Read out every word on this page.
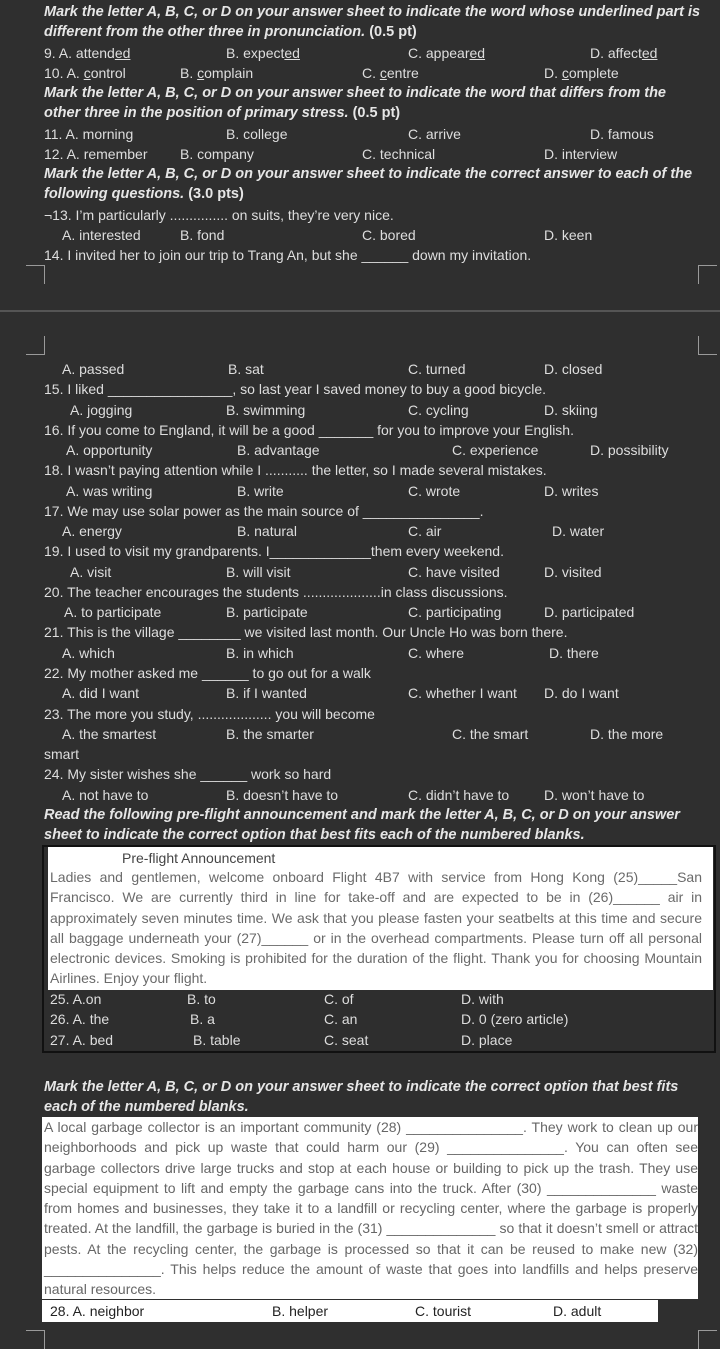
Mark the letter A, B, C, or D on your answer sheet to indicate the word whose underlined part is
different from the other three in pronunciation. (0.5 pt)
9. A. attended	B. expected	C. appeared	D. affected
10. A. control	B. complain	C. centre	D. complete
Mark the letter A, B, C, or D on your answer sheet to indicate the word that differs from the
other three in the position of primary stress. (0.5 pt)
11. A. morning	B. college	C. arrive	D. famous
12. A. remember B. company	C. technical	D. interview
Mark the letter A, B, C, or D on your answer sheet to indicate the correct answer to each of the
following questions. (3.0 pts)
¬13. I’m particularly ............... on suits, they’re very nice.
A. interested	B. fond	C. bored	D. keen
14. I invited her to join our trip to Trang An, but she ______ down my invitation.
A. passed	B. sat	C. turned	D. closed
15. I liked ________________, so last year I saved money to buy a good bicycle.
A. jogging	B. swimming	C. cycling	D. skiing
16. If you come to England, it will be a good _______ for you to improve your English.
A. opportunity	B. advantage	C. experience	D. possibility
18. I wasn’t paying attention while I ........... the letter, so I made several mistakes.
A. was writing	B. write	C. wrote	D. writes
17. We may use solar power as the main source of _______________.
A. energy	B. natural	C. air	D. water
19. I used to visit my grandparents. I_____________them every weekend.
A. visit	B. will visit	C. have visited	D. visited
20. The teacher encourages the students ....................in class discussions.
A. to participate	B. participate	C. participating	D. participated
21. This is the village ________ we visited last month. Our Uncle Ho was born there.
A. which	B. in which	C. where	D. there
22. My mother asked me ______ to go out for a walk
A. did I want	B. if I wanted	C. whether I want D. do I want
23. The more you study, ................... you will become
A. the smartest	B. the smarter	C. the smart	D. the more
smart
24. My sister wishes she ______ work so hard
A. not have to	B. doesn’t have to	C. didn’t have to D. won’t have to
Read the following pre-flight announcement and mark the letter A, B, C, or D on your answer
sheet to indicate the correct option that best fits each of the numbered blanks.
Pre-flight Announcement
Ladies and gentlemen, welcome onboard Flight 4B7 with service from Hong Kong (25)_____San Francisco. We are currently third in line for take-off and are expected to be in (26)______ air in approximately seven minutes time. We ask that you please fasten your seatbelts at this time and secure all baggage underneath your (27)______ or in the overhead compartments. Please turn off all personal electronic devices. Smoking is prohibited for the duration of the flight. Thank you for choosing Mountain Airlines. Enjoy your flight.
25. A.on	B. to	C. of	D. with
26. A. the	B. a	C. an	D. 0 (zero article)
27. A. bed	B. table	C. seat	D. place
Mark the letter A, B, C, or D on your answer sheet to indicate the correct option that best fits
each of the numbered blanks.
A local garbage collector is an important community (28) _______________. They work to clean up our neighborhoods and pick up waste that could harm our (29) _______________. You can often see garbage collectors drive large trucks and stop at each house or building to pick up the trash. They use special equipment to lift and empty the garbage cans into the truck. After (30) ______________ waste from homes and businesses, they take it to a landfill or recycling center, where the garbage is properly treated. At the landfill, the garbage is buried in the (31) ______________ so that it doesn’t smell or attract pests. At the recycling center, the garbage is processed so that it can be reused to make new (32) _______________. This helps reduce the amount of waste that goes into landfills and helps preserve natural resources.
28. A. neighbor	B. helper	C. tourist	D. adult
